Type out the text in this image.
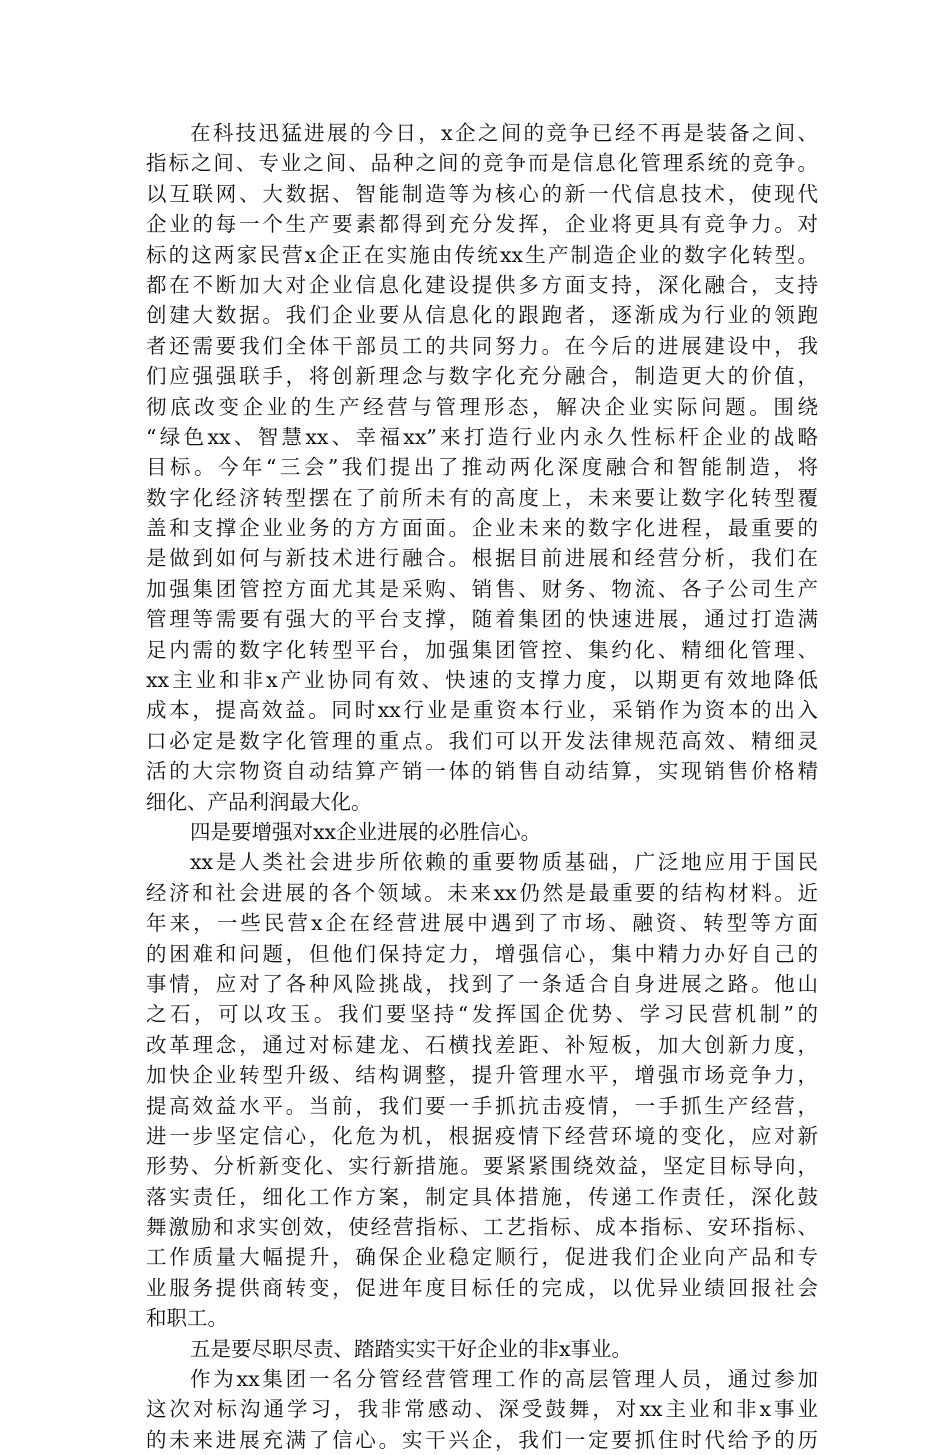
在科技迅猛进展的今日，x企之间的竞争已经不再是装备之间、
指标之间、专业之间、品种之间的竞争而是信息化管理系统的竞争。
以互联网、大数据、智能制造等为核心的新一代信息技术，使现代
企业的每一个生产要素都得到充分发挥，企业将更具有竞争力。对
标的这两家民营x企正在实施由传统xx生产制造企业的数字化转型。
都在不断加大对企业信息化建设提供多方面支持，深化融合，支持
创建大数据。我们企业要从信息化的跟跑者，逐渐成为行业的领跑
者还需要我们全体干部员工的共同努力。在今后的进展建设中，我
们应强强联手，将创新理念与数字化充分融合，制造更大的价值，
彻底改变企业的生产经营与管理形态，解决企业实际问题。围绕
“绿色xx、智慧xx、幸福xx”来打造行业内永久性标杆企业的战略
目标。今年“三会”我们提出了推动两化深度融合和智能制造，将
数字化经济转型摆在了前所未有的高度上，未来要让数字化转型覆
盖和支撑企业业务的方方面面。企业未来的数字化进程，最重要的
是做到如何与新技术进行融合。根据目前进展和经营分析，我们在
加强集团管控方面尤其是采购、销售、财务、物流、各子公司生产
管理等需要有强大的平台支撑，随着集团的快速进展，通过打造满
足内需的数字化转型平台，加强集团管控、集约化、精细化管理、
xx主业和非x产业协同有效、快速的支撑力度，以期更有效地降低
成本，提高效益。同时xx行业是重资本行业，采销作为资本的出入
口必定是数字化管理的重点。我们可以开发法律规范高效、精细灵
活的大宗物资自动结算产销一体的销售自动结算，实现销售价格精
细化、产品利润最大化。
四是要增强对xx企业进展的必胜信心。
xx是人类社会进步所依赖的重要物质基础，广泛地应用于国民
经济和社会进展的各个领域。未来xx仍然是最重要的结构材料。近
年来，一些民营x企在经营进展中遇到了市场、融资、转型等方面
的困难和问题，但他们保持定力，增强信心，集中精力办好自己的
事情，应对了各种风险挑战，找到了一条适合自身进展之路。他山
之石，可以攻玉。我们要坚持“发挥国企优势、学习民营机制”的
改革理念，通过对标建龙、石横找差距、补短板，加大创新力度，
加快企业转型升级、结构调整，提升管理水平，增强市场竞争力，
提高效益水平。当前，我们要一手抓抗击疫情，一手抓生产经营，
进一步坚定信心，化危为机，根据疫情下经营环境的变化，应对新
形势、分析新变化、实行新措施。要紧紧围绕效益，坚定目标导向，
落实责任，细化工作方案，制定具体措施，传递工作责任，深化鼓
舞激励和求实创效，使经营指标、工艺指标、成本指标、安环指标、
工作质量大幅提升，确保企业稳定顺行，促进我们企业向产品和专
业服务提供商转变，促进年度目标任的完成，以优异业绩回报社会
和职工。
五是要尽职尽责、踏踏实实干好企业的非x事业。
作为xx集团一名分管经营管理工作的高层管理人员，通过参加
这次对标沟通学习，我非常感动、深受鼓舞，对xx主业和非x事业
的未来进展充满了信心。实干兴企，我们一定要抓住时代给予的历
